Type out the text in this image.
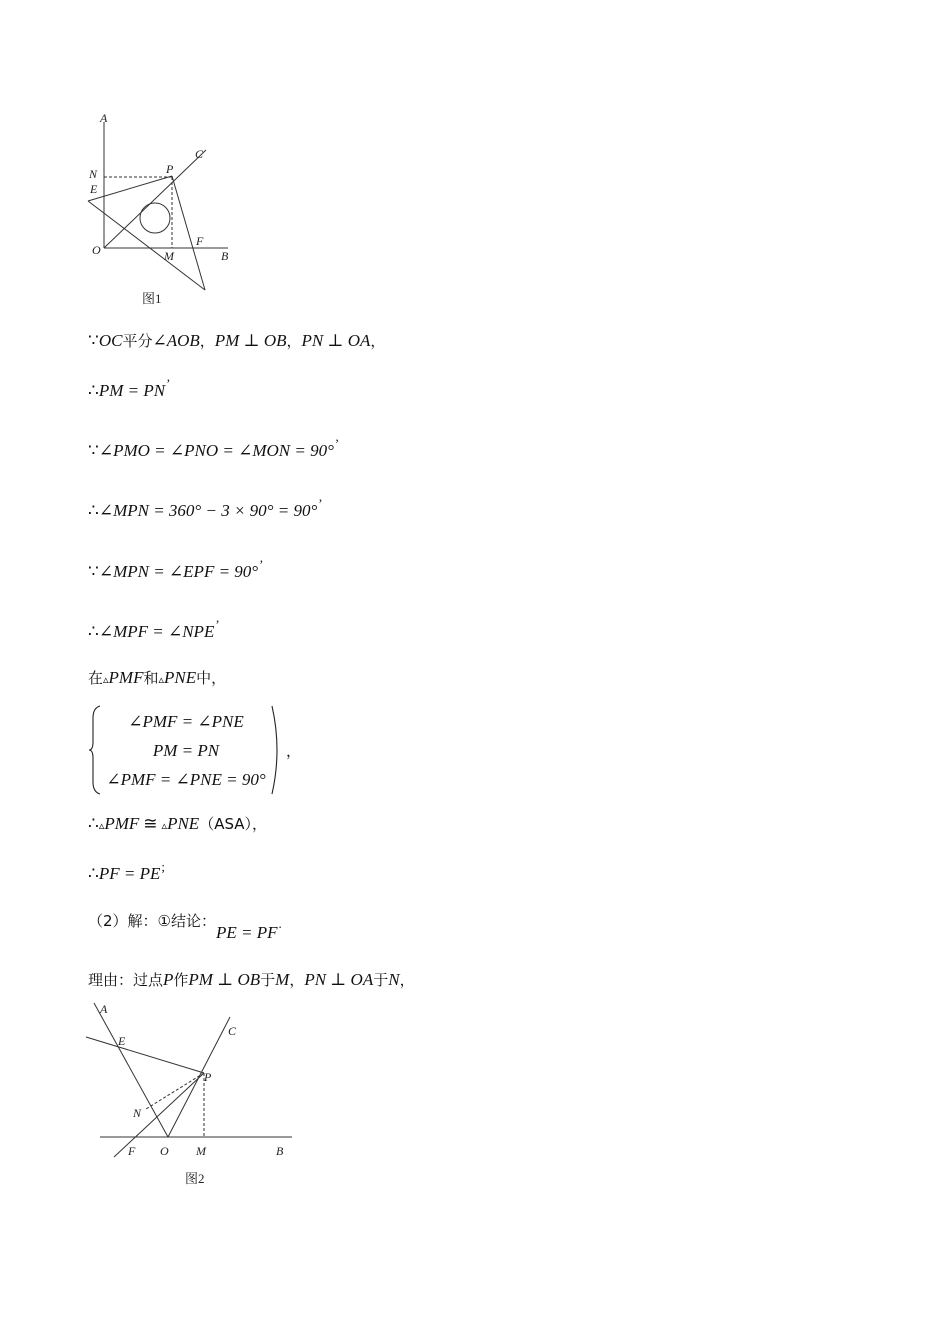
A
C
N	P
E
O
F
M	B
图1
∵OC平分∠AOB，PM ⊥ OB，PN ⊥ OA，
∴PM = PN’
∵∠PMO = ∠PNO = ∠MON = 90°’
∴∠MPN = 360° − 3 × 90° = 90°’
∵∠MPN = ∠EPF = 90°’
∴∠MPF = ∠NPE’
在▵PMF和▵PNE中，
∠PMF = ∠PNE
PM = PN
∠PMF = ∠PNE = 90°
，
∴▵PMF ≅ ▵PNE（ASA），
∴PF = PE;
（2）解：①结论：PE = PF.
理由：过点P作PM ⊥ OB于M，PN ⊥ OA于N，
A
C
E
P
N
F O M	B
图2
